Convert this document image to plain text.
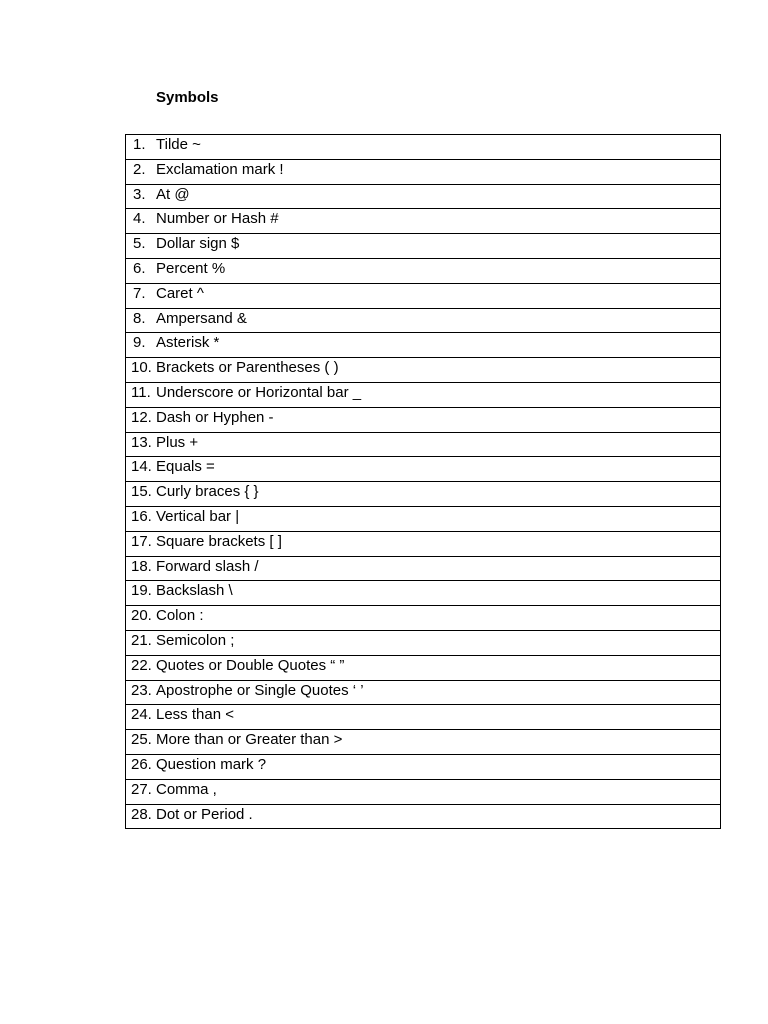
Symbols
1. Tilde ~

2. Exclamation mark !

3. At @

4. Number or Hash #

5. Dollar sign $

6. Percent %

7. Caret ^

8. Ampersand &

9. Asterisk *

10. Brackets or Parentheses ( )

11. Underscore or Horizontal bar _

12. Dash or Hyphen -

13. Plus +

14. Equals =

15. Curly braces { }

16. Vertical bar |

17. Square brackets [ ]

18. Forward slash /

19. Backslash \

20. Colon :

21. Semicolon ;

22. Quotes or Double Quotes “ ”

23. Apostrophe or Single Quotes ‘ ’

24. Less than <

25. More than or Greater than >

26. Question mark ?

27. Comma ,

28. Dot or Period .
